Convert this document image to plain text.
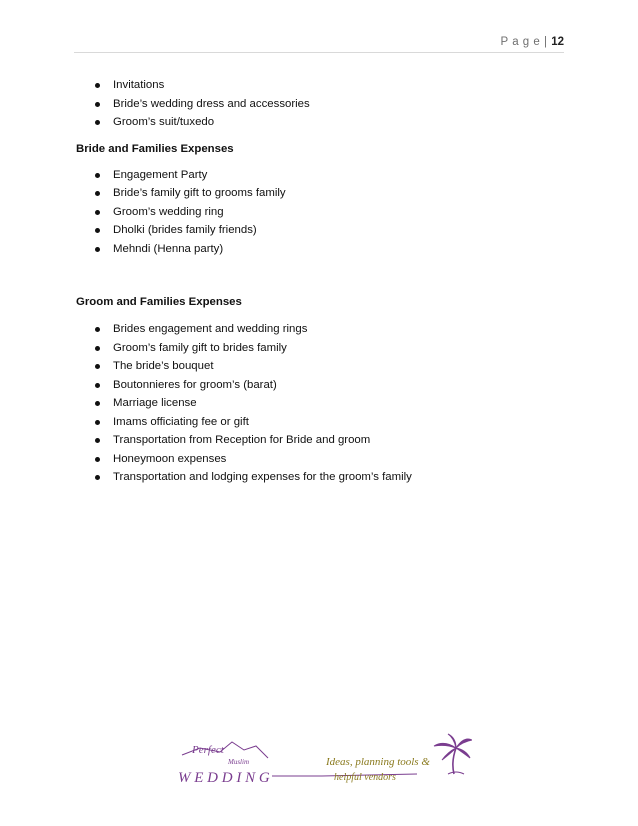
P a g e | 12
Invitations
Bride’s wedding dress and accessories
Groom’s suit/tuxedo
Bride and Families Expenses
Engagement Party
Bride’s family gift to grooms family
Groom’s wedding ring
Dholki (brides family friends)
Mehndi (Henna party)
Groom and Families Expenses
Brides engagement and wedding rings
Groom’s family gift to brides family
The bride’s bouquet
Boutonnieres for groom’s (barat)
Marriage license
Imams officiating fee or gift
Transportation from Reception for Bride and groom
Honeymoon expenses
Transportation and lodging expenses for the groom’s family
Perfect
Muslim
W E D D I N G
Ideas, planning tools &
helpful vendors
